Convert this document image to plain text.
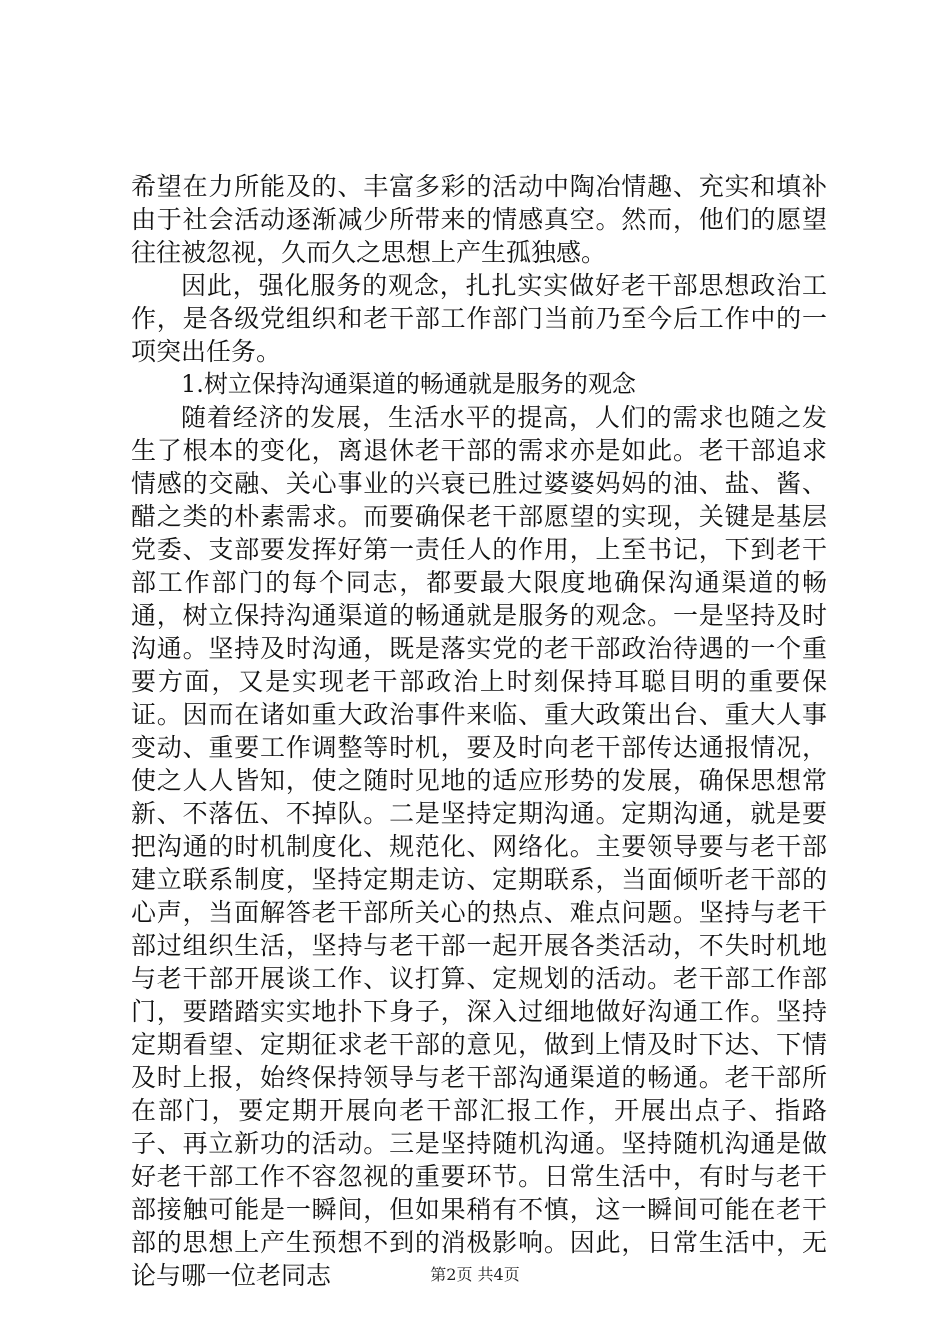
希望在力所能及的、丰富多彩的活动中陶冶情趣、充实和填补由于社会活动逐渐减少所带来的情感真空。然而，他们的愿望往往被忽视，久而久之思想上产生孤独感。

因此，强化服务的观念，扎扎实实做好老干部思想政治工作，是各级党组织和老干部工作部门当前乃至今后工作中的一项突出任务。

1.树立保持沟通渠道的畅通就是服务的观念

随着经济的发展，生活水平的提高，人们的需求也随之发生了根本的变化，离退休老干部的需求亦是如此。老干部追求情感的交融、关心事业的兴衰已胜过婆婆妈妈的油、盐、酱、醋之类的朴素需求。而要确保老干部愿望的实现，关键是基层党委、支部要发挥好第一责任人的作用，上至书记，下到老干部工作部门的每个同志，都要最大限度地确保沟通渠道的畅通，树立保持沟通渠道的畅通就是服务的观念。一是坚持及时沟通。坚持及时沟通，既是落实党的老干部政治待遇的一个重要方面，又是实现老干部政治上时刻保持耳聪目明的重要保证。因而在诸如重大政治事件来临、重大政策出台、重大人事变动、重要工作调整等时机，要及时向老干部传达通报情况，使之人人皆知，使之随时见地的适应形势的发展，确保思想常新、不落伍、不掉队。二是坚持定期沟通。定期沟通，就是要把沟通的时机制度化、规范化、网络化。主要领导要与老干部建立联系制度，坚持定期走访、定期联系，当面倾听老干部的心声，当面解答老干部所关心的热点、难点问题。坚持与老干部过组织生活，坚持与老干部一起开展各类活动，不失时机地与老干部开展谈工作、议打算、定规划的活动。老干部工作部门，要踏踏实实地扑下身子，深入过细地做好沟通工作。坚持定期看望、定期征求老干部的意见，做到上情及时下达、下情及时上报，始终保持领导与老干部沟通渠道的畅通。老干部所在部门，要定期开展向老干部汇报工作，开展出点子、指路子、再立新功的活动。三是坚持随机沟通。坚持随机沟通是做好老干部工作不容忽视的重要环节。日常生活中，有时与老干部接触可能是一瞬间，但如果稍有不慎，这一瞬间可能在老干部的思想上产生预想不到的消极影响。因此，日常生活中，无论与哪一位老同志	第2页 共4页
